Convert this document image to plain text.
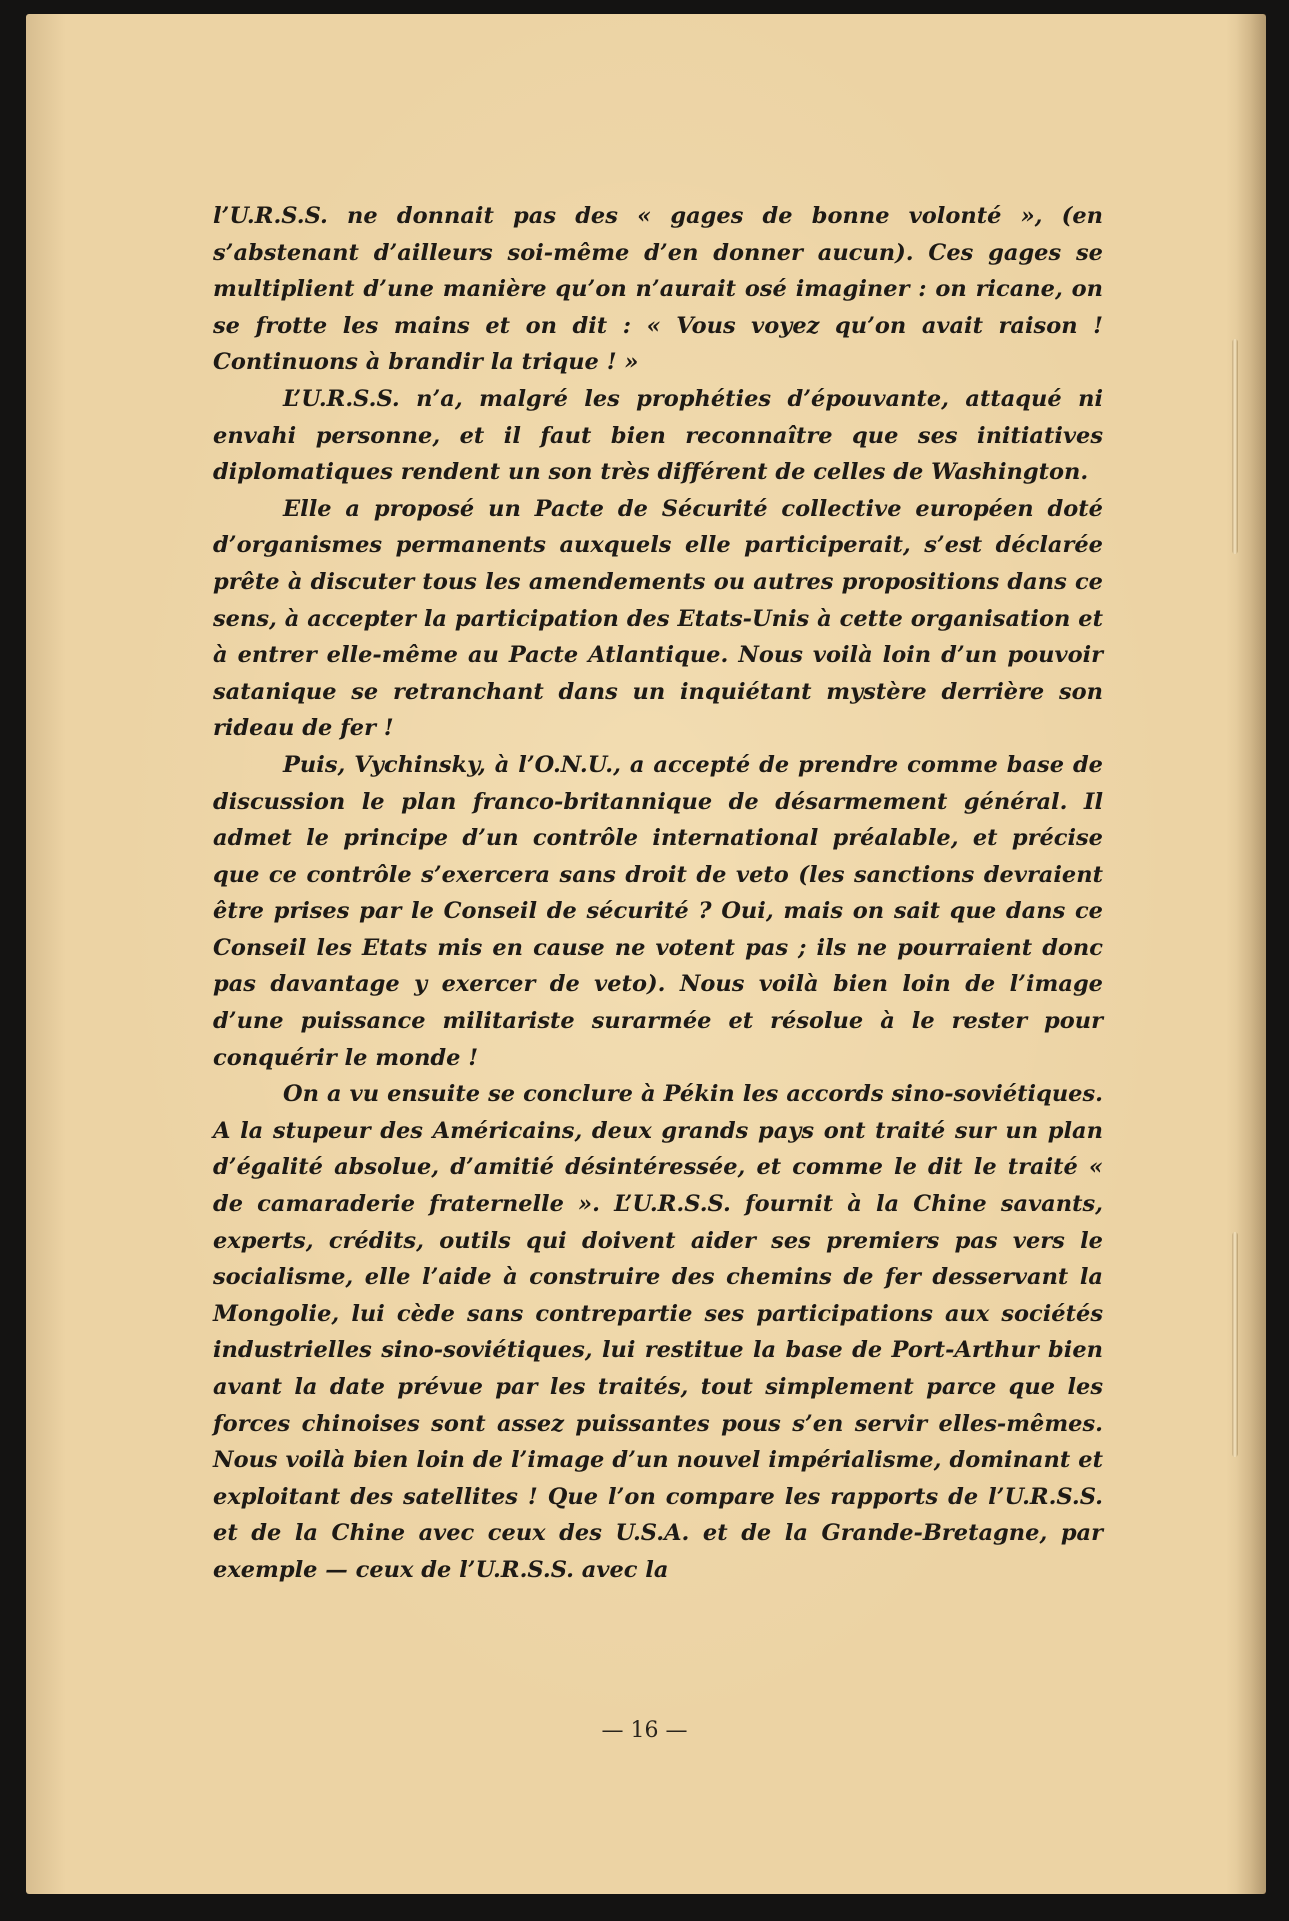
l’U.R.S.S. ne donnait pas des « gages de bonne volonté », (en s’abstenant d’ailleurs soi-même d’en donner aucun). Ces gages se multiplient d’une manière qu’on n’aurait osé imaginer : on ricane, on se frotte les mains et on dit : « Vous voyez qu’on avait raison ! Continuons à brandir la trique ! »

L’U.R.S.S. n’a, malgré les prophéties d’épouvante, attaqué ni envahi personne, et il faut bien reconnaître que ses initiatives diplomatiques rendent un son très différent de celles de Washington.

Elle a proposé un Pacte de Sécurité collective européen doté d’organismes permanents auxquels elle participerait, s’est déclarée prête à discuter tous les amendements ou autres propositions dans ce sens, à accepter la participation des Etats-Unis à cette organisation et à entrer elle-même au Pacte Atlantique. Nous voilà loin d’un pouvoir satanique se retranchant dans un inquiétant mystère derrière son rideau de fer !

Puis, Vychinsky, à l’O.N.U., a accepté de prendre comme base de discussion le plan franco-britannique de désarmement général. Il admet le principe d’un contrôle international préalable, et précise que ce contrôle s’exercera sans droit de veto (les sanctions devraient être prises par le Conseil de sécurité ? Oui, mais on sait que dans ce Conseil les Etats mis en cause ne votent pas ; ils ne pourraient donc pas davantage y exercer de veto). Nous voilà bien loin de l’image d’une puissance militariste surarmée et résolue à le rester pour conquérir le monde !

On a vu ensuite se conclure à Pékin les accords sino-soviétiques. A la stupeur des Américains, deux grands pays ont traité sur un plan d’égalité absolue, d’amitié désintéressée, et comme le dit le traité « de camaraderie fraternelle ». L’U.R.S.S. fournit à la Chine savants, experts, crédits, outils qui doivent aider ses premiers pas vers le socialisme, elle l’aide à construire des chemins de fer desservant la Mongolie, lui cède sans contrepartie ses participations aux sociétés industrielles sino-soviétiques, lui restitue la base de Port-Arthur bien avant la date prévue par les traités, tout simplement parce que les forces chinoises sont assez puissantes pous s’en servir elles-mêmes. Nous voilà bien loin de l’image d’un nouvel impérialisme, dominant et exploitant des satellites ! Que l’on compare les rapports de l’U.R.S.S. et de la Chine avec ceux des U.S.A. et de la Grande-Bretagne, par exemple — ceux de l’U.R.S.S. avec la

— 16 —
